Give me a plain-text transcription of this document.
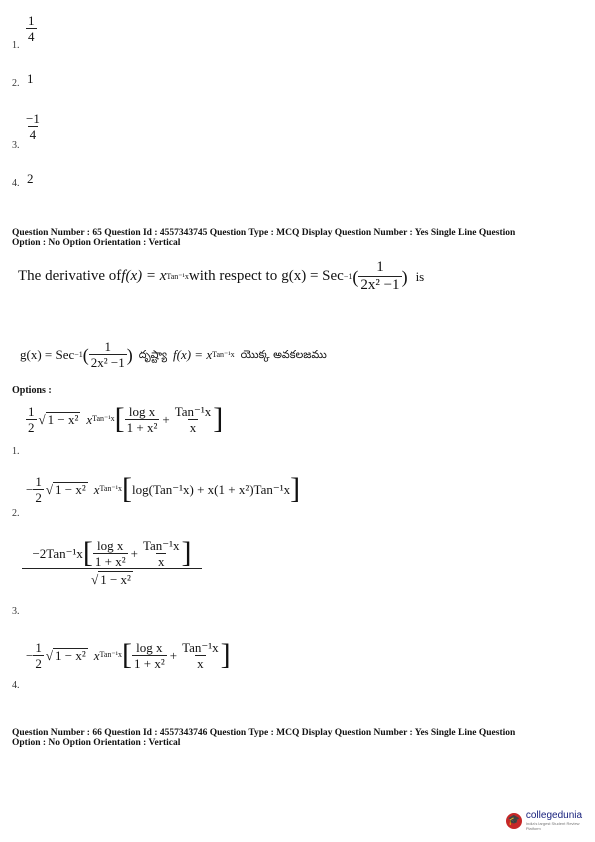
$\frac{1}{4}$
1.
2. 1
$\frac{-1}{4}$
3.
4. 2
Question Number : 65 Question Id : 4557343745 Question Type : MCQ Display Question Number : Yes Single Line Question
Option : No Option Orientation : Vertical
The derivative of f(x) = x Tan⁻¹x with respect to g(x) = Sec −1 ( $\frac{1}{\text{2x² −1}}$ ) is
g(x) = Sec −1 ( $\frac{1}{\text{2x² −1}}$ ) దృష్ట్యా f(x) = x Tan⁻¹x యొక్క అవకలజము
Options :
$\frac{1}{2}$ √ 1 − x² x Tan⁻¹x [ $\frac{\text{log x}}{\text{1 + x²}} + \frac{\text{Tan⁻¹x}}{x}$ ]
1.
− $\frac{1}{2}$ √ 1 − x² x Tan⁻¹x [ log(Tan⁻¹x) + x(1 + x²)Tan⁻¹x ]
2.
−2Tan⁻¹x [ $\frac{\text{log x}}{\text{1 + x²}} + \frac{\text{Tan⁻¹x}}{x}$ ]
√ 1 − x²
3.
− $\frac{1}{2}$ √ 1 − x² x Tan⁻¹x [ $\frac{\text{log x}}{\text{1 + x²}} + \frac{\text{Tan⁻¹x}}{x}$ ]
4.
Question Number : 66 Question Id : 4557343746 Question Type : MCQ Display Question Number : Yes Single Line Question
Option : No Option Orientation : Vertical
🎓 collegedunia
India's largest Student Review Platform
